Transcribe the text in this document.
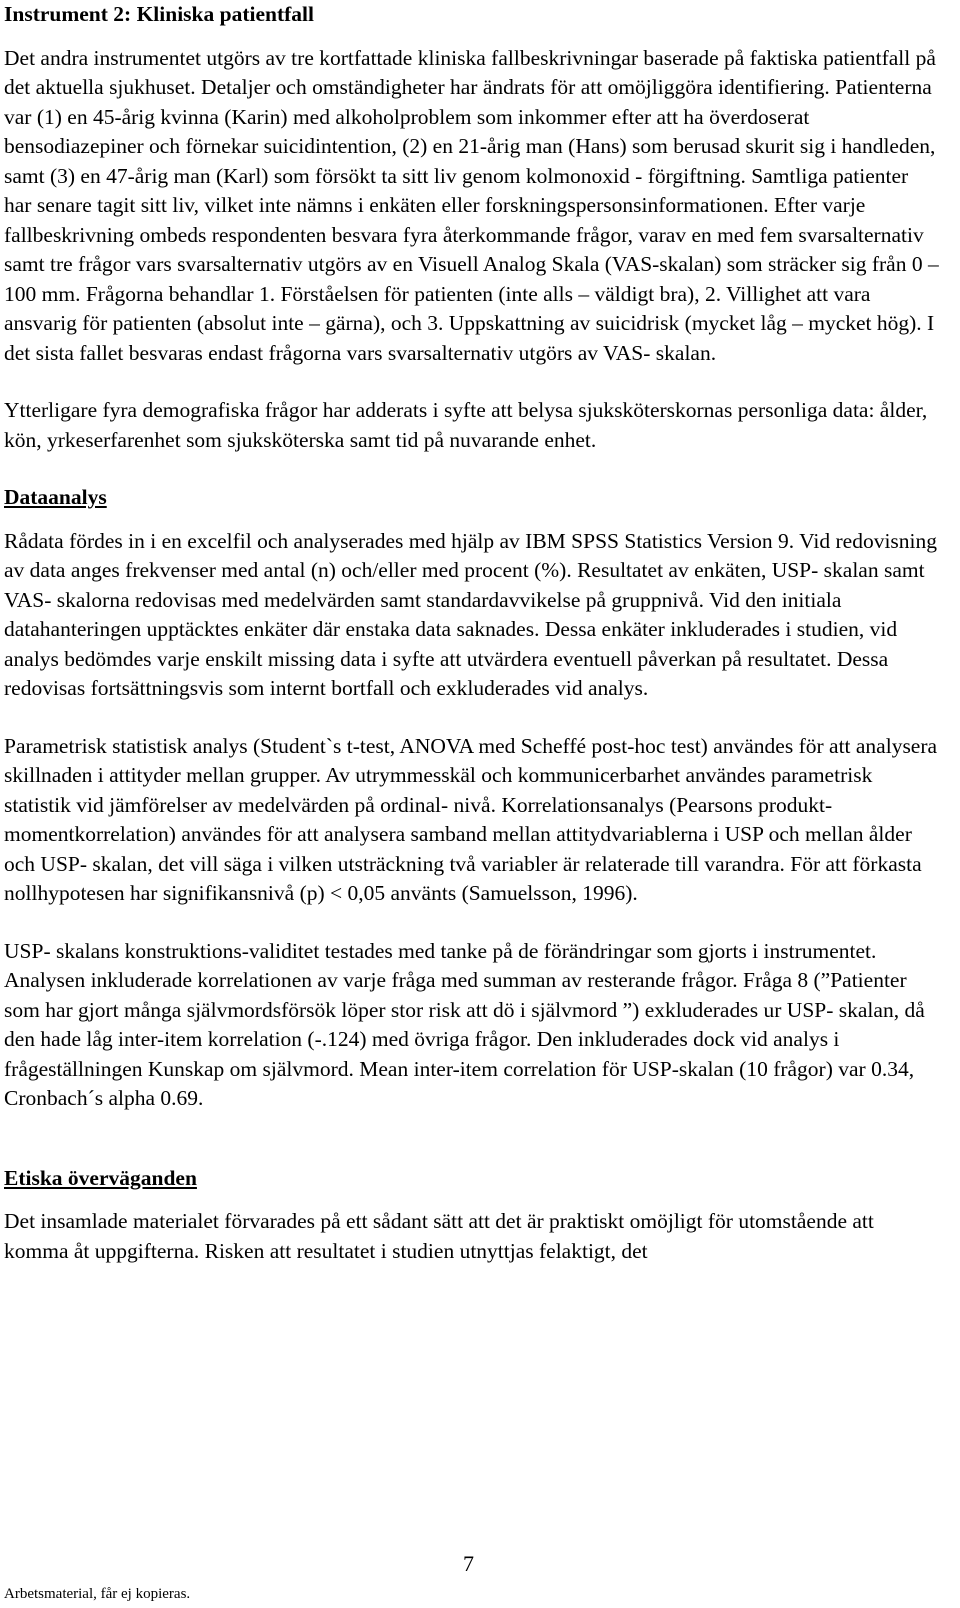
Instrument 2: Kliniska patientfall

Det andra instrumentet utgörs av tre kortfattade kliniska fallbeskrivningar baserade på faktiska patientfall på det aktuella sjukhuset. Detaljer och omständigheter har ändrats för att omöjliggöra identifiering. Patienterna var (1) en 45-årig kvinna (Karin) med alkoholproblem som inkommer efter att ha överdoserat bensodiazepiner och förnekar suicidintention, (2) en 21-årig man (Hans) som berusad skurit sig i handleden, samt (3) en 47-årig man (Karl) som försökt ta sitt liv genom kolmonoxid - förgiftning. Samtliga patienter har senare tagit sitt liv, vilket inte nämns i enkäten eller forskningspersonsinformationen. Efter varje fallbeskrivning ombeds respondenten besvara fyra återkommande frågor, varav en med fem svarsalternativ samt tre frågor vars svarsalternativ utgörs av en Visuell Analog Skala (VAS-skalan) som sträcker sig från 0 – 100 mm. Frågorna behandlar 1. Förståelsen för patienten (inte alls – väldigt bra), 2. Villighet att vara ansvarig för patienten (absolut inte – gärna), och 3. Uppskattning av suicidrisk (mycket låg – mycket hög). I det sista fallet besvaras endast frågorna vars svarsalternativ utgörs av VAS- skalan.

Ytterligare fyra demografiska frågor har adderats i syfte att belysa sjuksköterskornas personliga data: ålder, kön, yrkeserfarenhet som sjuksköterska samt tid på nuvarande enhet.

Dataanalys

Rådata fördes in i en excelfil och analyserades med hjälp av IBM SPSS Statistics Version 9. Vid redovisning av data anges frekvenser med antal (n) och/eller med procent (%). Resultatet av enkäten, USP- skalan samt VAS- skalorna redovisas med medelvärden samt standardavvikelse på gruppnivå. Vid den initiala datahanteringen upptäcktes enkäter där enstaka data saknades. Dessa enkäter inkluderades i studien, vid analys bedömdes varje enskilt missing data i syfte att utvärdera eventuell påverkan på resultatet. Dessa redovisas fortsättningsvis som internt bortfall och exkluderades vid analys.

Parametrisk statistisk analys (Student`s t-test, ANOVA med Scheffé post-hoc test) användes för att analysera skillnaden i attityder mellan grupper. Av utrymmesskäl och kommunicerbarhet användes parametrisk statistik vid jämförelser av medelvärden på ordinal- nivå. Korrelationsanalys (Pearsons produkt- momentkorrelation) användes för att analysera samband mellan attitydvariablerna i USP och mellan ålder och USP- skalan, det vill säga i vilken utsträckning två variabler är relaterade till varandra. För att förkasta nollhypotesen har signifikansnivå (p) < 0,05 använts (Samuelsson, 1996).

USP- skalans konstruktions-validitet testades med tanke på de förändringar som gjorts i instrumentet. Analysen inkluderade korrelationen av varje fråga med summan av resterande frågor. Fråga 8 (”Patienter som har gjort många självmordsförsök löper stor risk att dö i självmord ”) exkluderades ur USP- skalan, då den hade låg inter-item korrelation (-.124) med övriga frågor. Den inkluderades dock vid analys i frågeställningen Kunskap om självmord. Mean inter-item correlation för USP-skalan (10 frågor) var 0.34, Cronbach´s alpha 0.69.

Etiska överväganden

Det insamlade materialet förvarades på ett sådant sätt att det är praktiskt omöjligt för utomstående att komma åt uppgifterna. Risken att resultatet i studien utnyttjas felaktigt, det

7
Arbetsmaterial, får ej kopieras.
